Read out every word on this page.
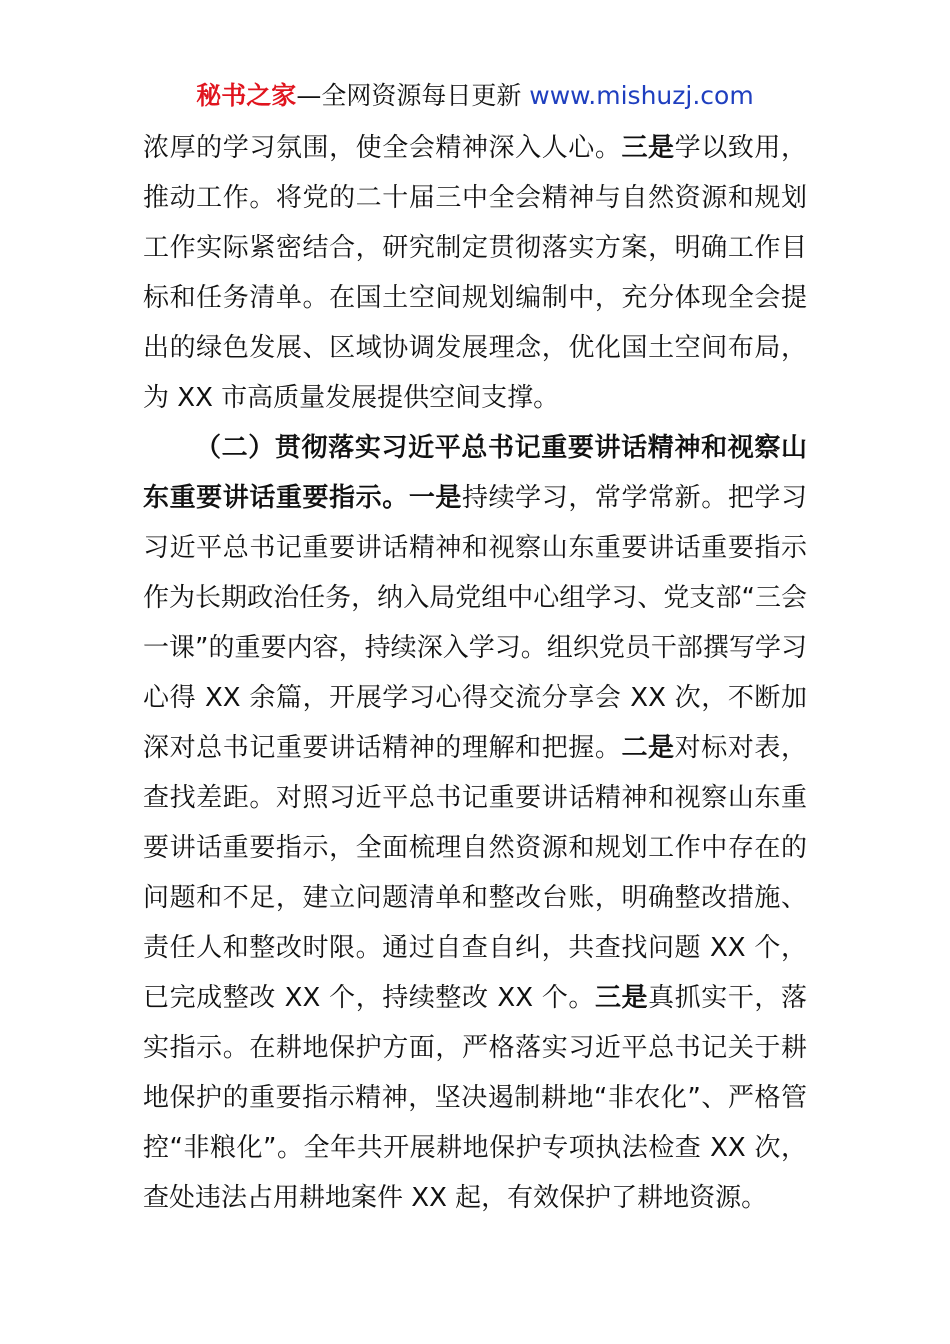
秘书之家—全网资源每日更新 www.mishuzj.com

浓厚的学习氛围，使全会精神深入人心。三是学以致用，推动工作。将党的二十届三中全会精神与自然资源和规划工作实际紧密结合，研究制定贯彻落实方案，明确工作目标和任务清单。在国土空间规划编制中，充分体现全会提出的绿色发展、区域协调发展理念，优化国土空间布局，为 XX 市高质量发展提供空间支撑。

（二）贯彻落实习近平总书记重要讲话精神和视察山东重要讲话重要指示。一是持续学习，常学常新。把学习习近平总书记重要讲话精神和视察山东重要讲话重要指示作为长期政治任务，纳入局党组中心组学习、党支部“三会一课”的重要内容，持续深入学习。组织党员干部撰写学习心得 XX 余篇，开展学习心得交流分享会 XX 次，不断加深对总书记重要讲话精神的理解和把握。二是对标对表，查找差距。对照习近平总书记重要讲话精神和视察山东重要讲话重要指示，全面梳理自然资源和规划工作中存在的问题和不足，建立问题清单和整改台账，明确整改措施、责任人和整改时限。通过自查自纠，共查找问题 XX 个，已完成整改 XX 个，持续整改 XX 个。三是真抓实干，落实指示。在耕地保护方面，严格落实习近平总书记关于耕地保护的重要指示精神，坚决遏制耕地“非农化”、严格管控“非粮化”。全年共开展耕地保护专项执法检查 XX 次，查处违法占用耕地案件 XX 起，有效保护了耕地资源。
